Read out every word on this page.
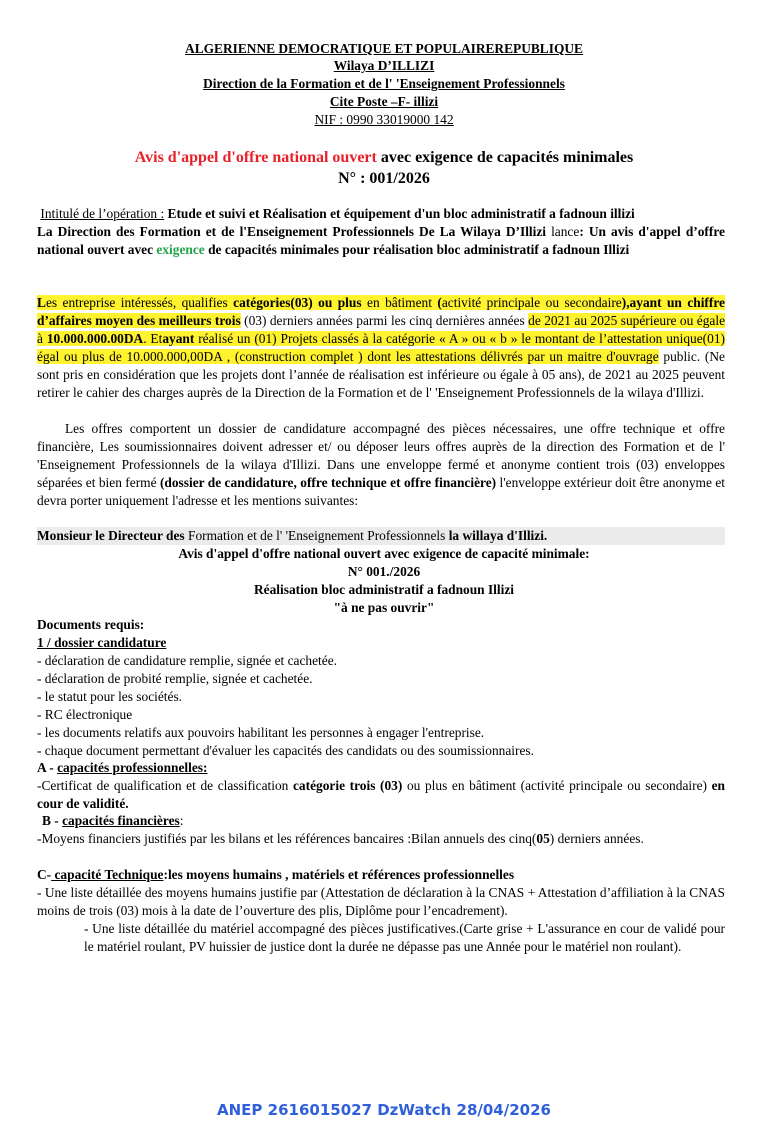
ALGERIENNE DEMOCRATIQUE ET POPULAIREREPUBLIQUE
Wilaya D’ILLIZI
Direction de la Formation et de l' 'Enseignement Professionnels
Cite Poste –F- illizi
NIF : 0990 33019000 142
Avis d'appel d'offre national ouvert avec exigence de capacités minimales
N° : 001/2026
Intitulé de l’opération : Etude et suivi et Réalisation et équipement d'un bloc administratif a fadnoun illizi
La Direction des Formation et de l'Enseignement Professionnels De La Wilaya D’Illizi lance: Un avis d'appel d’offre national ouvert avec exigence de capacités minimales pour réalisation bloc administratif a fadnoun Illizi
Les entreprise intéressés, qualifies catégories(03) ou plus en bâtiment (activité principale ou secondaire),ayant un chiffre d’affaires moyen des meilleurs trois (03) derniers années parmi les cinq dernières années de 2021 au 2025 supérieure ou égale à 10.000.000.00DA. Etayant réalisé un (01) Projets classés à la catégorie « A » ou « b » le montant de l’attestation unique(01) égal ou plus de 10.000.000,00DA , (construction complet ) dont les attestations délivrés par un maitre d'ouvrage public. (Ne sont pris en considération que les projets dont l’année de réalisation est inférieure ou égale à 05 ans), de 2021 au 2025 peuvent retirer le cahier des charges auprès de la Direction de la Formation et de l' 'Enseignement Professionnels de la wilaya d'Illizi.
Les offres comportent un dossier de candidature accompagné des pièces nécessaires, une offre technique et offre financière, Les soumissionnaires doivent adresser et/ ou déposer leurs offres auprès de la direction des Formation et de l' 'Enseignement Professionnels de la wilaya d'Illizi. Dans une enveloppe fermé et anonyme contient trois (03) enveloppes séparées et bien fermé (dossier de candidature, offre technique et offre financière) l'enveloppe extérieur doit être anonyme et devra porter uniquement l'adresse et les mentions suivantes:
Monsieur le Directeur des Formation et de l' 'Enseignement Professionnels la willaya d'Illizi.
Avis d'appel d'offre national ouvert avec exigence de capacité minimale:
N° 001./2026
Réalisation bloc administratif a fadnoun Illizi
"à ne pas ouvrir"
Documents requis:
1 / dossier candidature
- déclaration de candidature remplie, signée et cachetée.
- déclaration de probité remplie, signée et cachetée.
- le statut pour les sociétés.
- RC électronique
- les documents relatifs aux pouvoirs habilitant les personnes à engager l'entreprise.
- chaque document permettant d'évaluer les capacités des candidats ou des soumissionnaires.
A - capacités professionnelles:
-Certificat de qualification et de classification catégorie trois (03) ou plus en bâtiment (activité principale ou secondaire) en cour de validité.
B - capacités financières:
-Moyens financiers justifiés par les bilans et les références bancaires :Bilan annuels des cinq(05) derniers années.
C- capacité Technique:les moyens humains , matériels et références professionnelles
- Une liste détaillée des moyens humains justifie par (Attestation de déclaration à la CNAS + Attestation d’affiliation à la CNAS moins de trois (03) mois à la date de l’ouverture des plis, Diplôme pour l’encadrement).
- Une liste détaillée du matériel accompagné des pièces justificatives.(Carte grise + L'assurance en cour de validé pour le matériel roulant, PV huissier de justice dont la durée ne dépasse pas une Année pour le matériel non roulant).
ANEP 2616015027 DzWatch 28/04/2026
